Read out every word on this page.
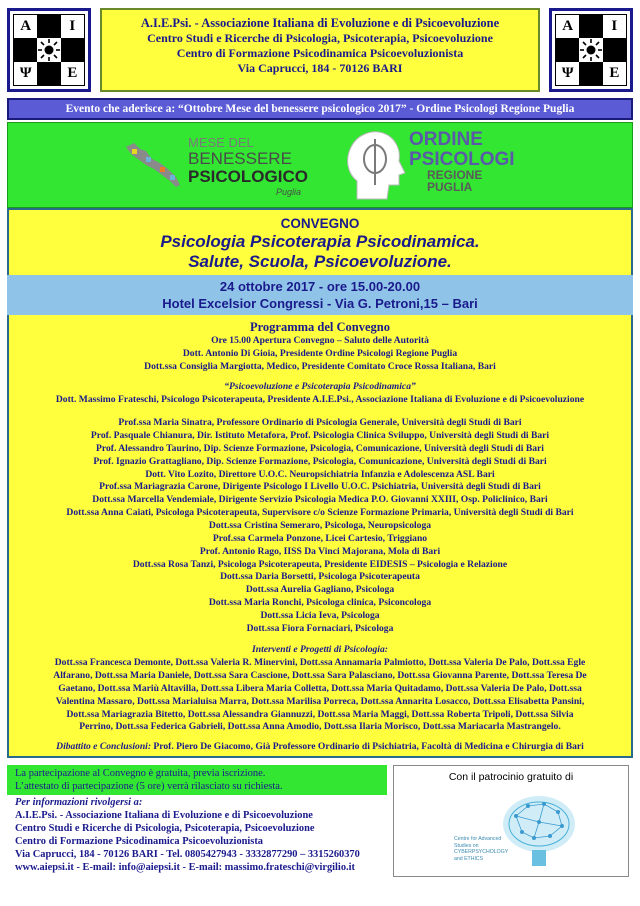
A	I
Ψ	E
A.I.E.Psi. - Associazione Italiana di Evoluzione e di Psicoevoluzione
Centro Studi e Ricerche di Psicologia, Psicoterapia, Psicoevoluzione
Centro di Formazione Psicodinamica Psicoevoluzionista
Via Caprucci, 184 - 70126 BARI
A	I
Ψ	E
Evento che aderisce a: “Ottobre Mese del benessere psicologico 2017” - Ordine Psicologi Regione Puglia
MESE DEL
BENESSERE
PSICOLOGICO
Puglia
ORDINE
PSICOLOGI
REGIONE
PUGLIA
CONVEGNO
Psicologia Psicoterapia Psicodinamica.
Salute, Scuola, Psicoevoluzione.
24 ottobre 2017 - ore 15.00-20.00
Hotel Excelsior Congressi - Via G. Petroni,15 – Bari
Programma del Convegno
Ore 15.00 Apertura Convegno – Saluto delle Autorità
Dott. Antonio Di Gioia, Presidente Ordine Psicologi Regione Puglia
Dott.ssa Consiglia Margiotta, Medico, Presidente Comitato Croce Rossa Italiana, Bari
“Psicoevoluzione e Psicoterapia Psicodinamica”
Dott. Massimo Frateschi, Psicologo Psicoterapeuta, Presidente A.I.E.Psi., Associazione Italiana di Evoluzione e di Psicoevoluzione
Prof.ssa Maria Sinatra, Professore Ordinario di Psicologia Generale, Università degli Studi di Bari
Prof. Pasquale Chianura, Dir. Istituto Metafora, Prof. Psicologia Clinica Sviluppo, Università degli Studi di Bari
Prof. Alessandro Taurino, Dip. Scienze Formazione, Psicologia, Comunicazione, Università degli Studi di Bari
Prof. Ignazio Grattagliano, Dip. Scienze Formazione, Psicologia, Comunicazione, Università degli Studi di Bari
Dott. Vito Lozito, Direttore U.O.C. Neuropsichiatria Infanzia e Adolescenza ASL Bari
Prof.ssa Mariagrazia Carone, Dirigente Psicologo I Livello U.O.C. Psichiatria, Università degli Studi di Bari
Dott.ssa Marcella Vendemiale, Dirigente Servizio Psicologia Medica P.O. Giovanni XXIII, Osp. Policlinico, Bari
Dott.ssa Anna Caiati, Psicologa Psicoterapeuta, Supervisore c/o Scienze Formazione Primaria, Università degli Studi di Bari
Dott.ssa Cristina Semeraro, Psicologa, Neuropsicologa
Prof.ssa Carmela Ponzone, Licei Cartesio, Triggiano
Prof. Antonio Rago, IISS Da Vinci Majorana, Mola di Bari
Dott.ssa Rosa Tanzi, Psicologa Psicoterapeuta, Presidente EIDESIS – Psicologia e Relazione
Dott.ssa Daria Borsetti, Psicologa Psicoterapeuta
Dott.ssa Aurelia Gagliano, Psicologa
Dott.ssa Maria Ronchi, Psicologa clinica, Psiconcologa
Dott.ssa Licia Ieva, Psicologa
Dott.ssa Fiora Fornaciari, Psicologa
Interventi e Progetti di Psicologia:
Dott.ssa Francesca Demonte, Dott.ssa Valeria R. Minervini, Dott.ssa Annamaria Palmiotto, Dott.ssa Valeria De Palo, Dott.ssa Egle
Alfarano, Dott.ssa Maria Daniele, Dott.ssa Sara Cascione, Dott.ssa Sara Palasciano, Dott.ssa Giovanna Parente, Dott.ssa Teresa De
Gaetano, Dott.ssa Mariù Altavilla, Dott.ssa Libera Maria Colletta, Dott.ssa Maria Quitadamo, Dott.ssa Valeria De Palo, Dott.ssa
Valentina Massaro, Dott.ssa Marialuisa Marra, Dott.ssa Marilisa Porreca, Dott.ssa Annarita Losacco, Dott.ssa Elisabetta Pansini,
Dott.ssa Mariagrazia Bitetto, Dott.ssa Alessandra Giannuzzi, Dott.ssa Maria Maggi, Dott.ssa Roberta Tripoli, Dott.ssa Silvia
Perrino, Dott.ssa Federica Gabrieli, Dott.ssa Anna Amodio, Dott.ssa Ilaria Morisco, Dott.ssa Mariacarla Mastrangelo.
Dibattito e Conclusioni: Prof. Piero De Giacomo, Già Professore Ordinario di Psichiatria, Facoltà di Medicina e Chirurgia di Bari
La partecipazione al Convegno è gratuita, previa iscrizione.
L’attestato di partecipazione (5 ore) verrà rilasciato su richiesta.
Per informazioni rivolgersi a:
A.I.E.Psi. - Associazione Italiana di Evoluzione e di Psicoevoluzione
Centro Studi e Ricerche di Psicologia, Psicoterapia, Psicoevoluzione
Centro di Formazione Psicodinamica Psicoevoluzionista
Via Caprucci, 184 - 70126 BARI - Tel. 0805427943 - 3332877290 – 3315260370
www.aiepsi.it - E-mail: info@aiepsi.it - E-mail: massimo.frateschi@virgilio.it
Con il patrocinio gratuito di
Centre for Advanced Studies on CYBERPSYCHOLOGY and ETHICS
